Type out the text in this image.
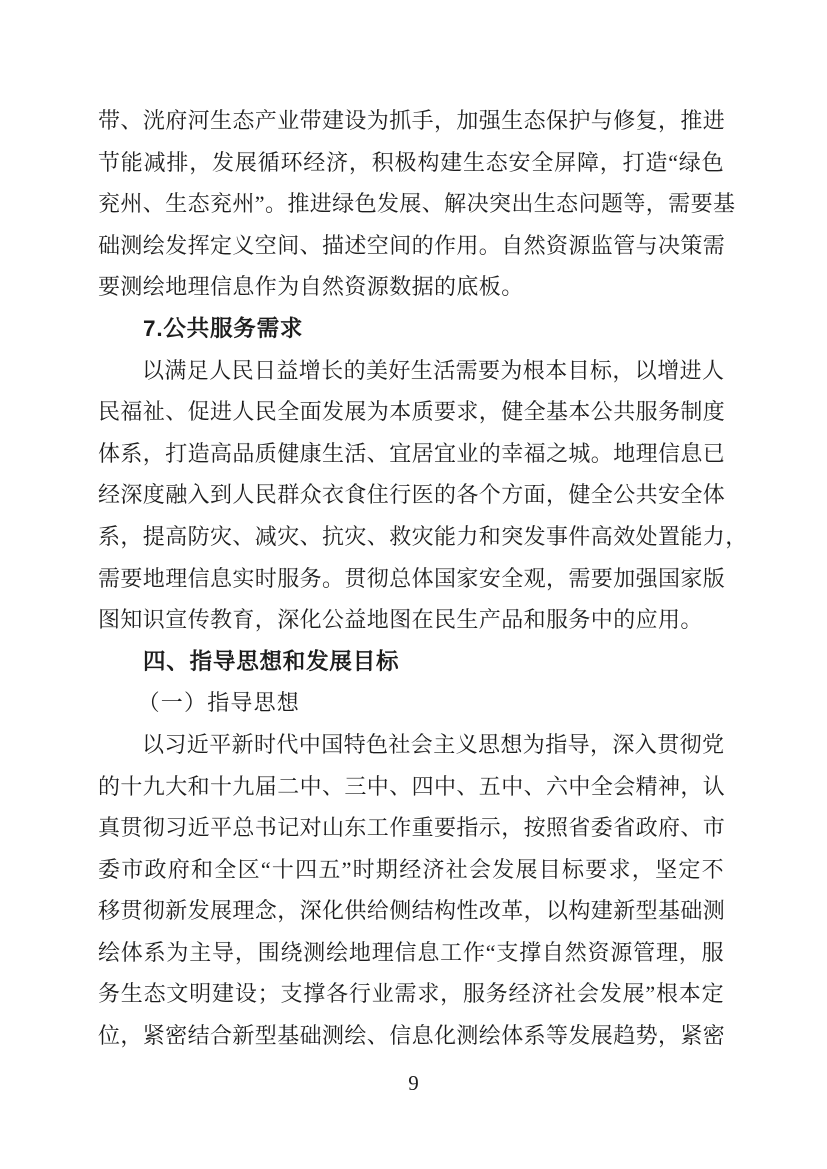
带、洸府河生态产业带建设为抓手，加强生态保护与修复，推进
节能减排，发展循环经济，积极构建生态安全屏障，打造“绿色
兖州、生态兖州”。推进绿色发展、解决突出生态问题等，需要基
础测绘发挥定义空间、描述空间的作用。自然资源监管与决策需
要测绘地理信息作为自然资源数据的底板。
7.公共服务需求
以满足人民日益增长的美好生活需要为根本目标，以增进人
民福祉、促进人民全面发展为本质要求，健全基本公共服务制度
体系，打造高品质健康生活、宜居宜业的幸福之城。地理信息已
经深度融入到人民群众衣食住行医的各个方面，健全公共安全体
系，提高防灾、减灾、抗灾、救灾能力和突发事件高效处置能力，
需要地理信息实时服务。贯彻总体国家安全观，需要加强国家版
图知识宣传教育，深化公益地图在民生产品和服务中的应用。
四、指导思想和发展目标
（一）指导思想
以习近平新时代中国特色社会主义思想为指导，深入贯彻党
的十九大和十九届二中、三中、四中、五中、六中全会精神，认
真贯彻习近平总书记对山东工作重要指示，按照省委省政府、市
委市政府和全区“十四五”时期经济社会发展目标要求，坚定不
移贯彻新发展理念，深化供给侧结构性改革，以构建新型基础测
绘体系为主导，围绕测绘地理信息工作“支撑自然资源管理，服
务生态文明建设；支撑各行业需求，服务经济社会发展”根本定
位，紧密结合新型基础测绘、信息化测绘体系等发展趋势，紧密
9
